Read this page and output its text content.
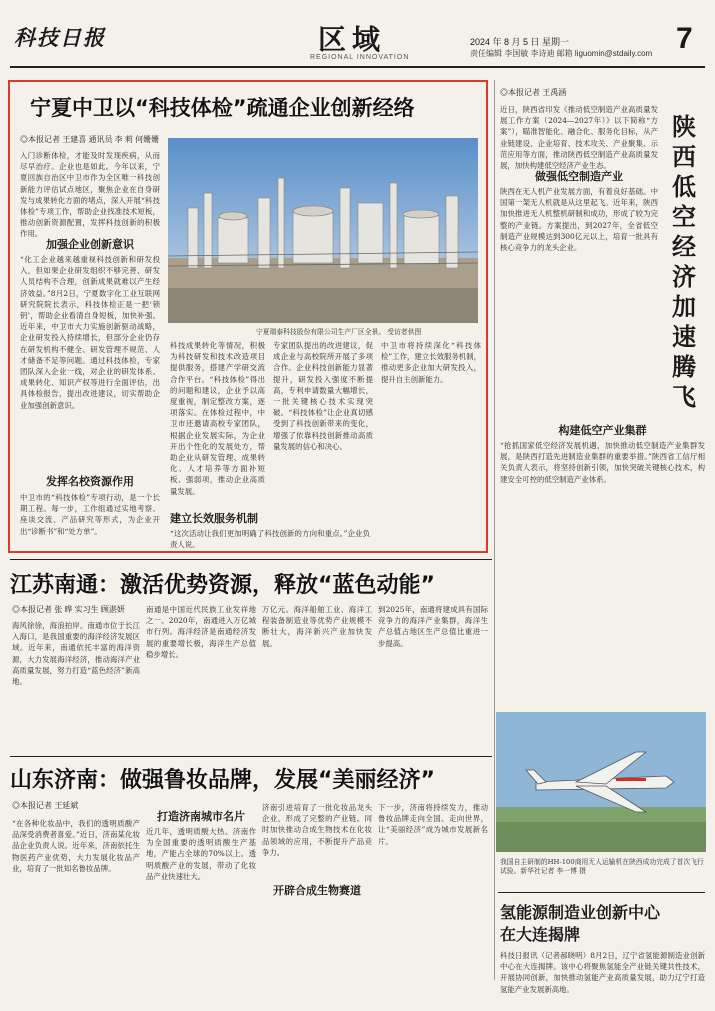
科技日报	区域
REGIONAL INNOVATION
2024 年 8 月 5 日 星期一
责任编辑 李国敏 李诗迪 邮箱 liguomin@stdaily.com 7
宁夏中卫以“科技体检”疏通企业创新经络
◎本报记者 王建喜 通讯员 李 莉 何姗姗
入门诊断体检，才能及时发现疾病，从而尽早治疗。企业也是如此。今年以来，宁夏回族自治区中卫市作为全区唯一科技创新能力评估试点地区，聚焦企业在自身研发与成果转化方面的堵点，深入开展“科技体检”专项工作，帮助企业找准技术短板，推动创新资源配置，发挥科技创新的积极作用。
加强企业创新意识
“化工企业越来越重视科技创新和研发投入，但如果企业研发组织不够完善、研发人员结构不合理，创新成果就难以产生经济效益。”8月2日，宁夏数字化工业互联网研究院院长表示，科技体检正是一把‘锁钥’，帮助企业看清自身短板，加快补强。近年来，中卫市大力实施创新驱动战略，企业研发投入持续增长，但部分企业仍存在研发机构不健全、研发管理不规范、人才储备不足等问题。通过科技体检，专家团队深入企业一线，对企业的研发体系、成果转化、知识产权等进行全面评估，出具体检报告，提出改进建议，切实帮助企业加强创新意识。
发挥名校资源作用
中卫市的“科技体检”专项行动，是一个长期工程。每一步，工作组通过实地考察、座谈交流、产品研究等形式，为企业开出“诊断书”和“处方单”。
宁夏瑞泰科技股份有限公司生产厂区全景。 受访者供图
科技成果转化等情况，积极为科技研发和技术改造项目提供服务，搭建产学研交流合作平台。“科技体检”得出的问题和建议，企业予以高度重视，制定整改方案，逐项落实。在体检过程中，中卫市还邀请高校专家团队，根据企业发展实际，为企业开出个性化的发展处方，帮助企业从研发管理、成果转化、人才培养等方面补短板、强弱项，推动企业高质量发展。
建立长效服务机制
“这次活动让我们更加明确了科技创新的方向和重点。”企业负责人说。
专家团队提出的改进建议，促成企业与高校院所开展了多项合作。企业科技创新能力显著提升，研发投入强度不断提高，专利申请数量大幅增长，一批关键核心技术实现突破。“科技体检”让企业真切感受到了科技创新带来的变化，增强了依靠科技创新推动高质量发展的信心和决心。
中卫市将持续深化“科技体检”工作，建立长效服务机制，推动更多企业加大研发投入，提升自主创新能力。
◎本报记者 王禹涵
陕
西
低
空
经
济
加
速
腾
飞
近日，陕西省印发《推动低空制造产业高质量发展工作方案（2024—2027年）》以下简称“方案”），瞄准智能化、融合化、服务化目标，从产业链建设、企业培育、技术攻关、产业聚集、示范应用等方面，推动陕西低空制造产业高质量发展，加快构建低空经济产业生态。
做强低空制造产业
陕西在无人机产业发展方面，有着良好基础。中国第一架无人机就是从这里起飞。近年来，陕西加快推进无人机整机研制和成功，形成了较为完整的产业链。方案提出，到2027年，全省低空制造产业规模达到300亿元以上，培育一批具有核心竞争力的龙头企业。
构建低空产业集群
“抢抓国家低空经济发展机遇，加快推动低空制造产业集群发展，是陕西打造先进制造业集群的重要举措。”陕西省工信厅相关负责人表示，将坚持创新引领，加快突破关键核心技术，构建安全可控的低空制造产业体系。
我国自主研制的HH-100商用无人运输机在陕西成功完成了首次飞行试验。新华社记者 李一博 摄
江苏南通：激活优势资源，释放“蓝色动能”
◎本报记者 张 晔 实习生 顾湛妍
海风徐徐，海浪拍岸。南通市位于长江入海口，是我国重要的海洋经济发展区域。近年来，南通依托丰富的海洋资源，大力发展海洋经济，推动海洋产业高质量发展，努力打造“蓝色经济”新高地。
南通是中国近代民族工业发祥地之一。2020年，南通进入万亿城市行列。海洋经济是南通经济发展的重要增长极，海洋生产总值稳步增长。
万亿元。海洋船舶工业、海洋工程装备制造业等优势产业规模不断壮大，海洋新兴产业加快发展。
到2025年，南通将建成具有国际竞争力的海洋产业集群，海洋生产总值占地区生产总值比重进一步提高。
山东济南：做强鲁妆品牌，发展“美丽经济”
◎本报记者 王延斌
“在各种化妆品中，我们的透明质酸产品深受消费者喜爱。”近日，济南某化妆品企业负责人说。近年来，济南依托生物医药产业优势，大力发展化妆品产业，培育了一批知名鲁妆品牌。
打造济南城市名片
近几年，透明质酸大热。济南作为全国重要的透明质酸生产基地，产能占全球的70%以上。透明质酸产业的发展，带动了化妆品产业快速壮大。
开辟合成生物赛道
济南引进培育了一批化妆品龙头企业，形成了完整的产业链。同时加快推动合成生物技术在化妆品领域的应用，不断提升产品竞争力。
下一步，济南将持续发力，推动鲁妆品牌走向全国、走向世界，让“美丽经济”成为城市发展新名片。
氢能源制造业创新中心
在大连揭牌
科技日报讯（记者郝晓明）8月2日，辽宁省氢能源制造业创新中心在大连揭牌。该中心将聚焦氢能全产业链关键共性技术，开展协同创新，加快推动氢能产业高质量发展，助力辽宁打造氢能产业发展新高地。
